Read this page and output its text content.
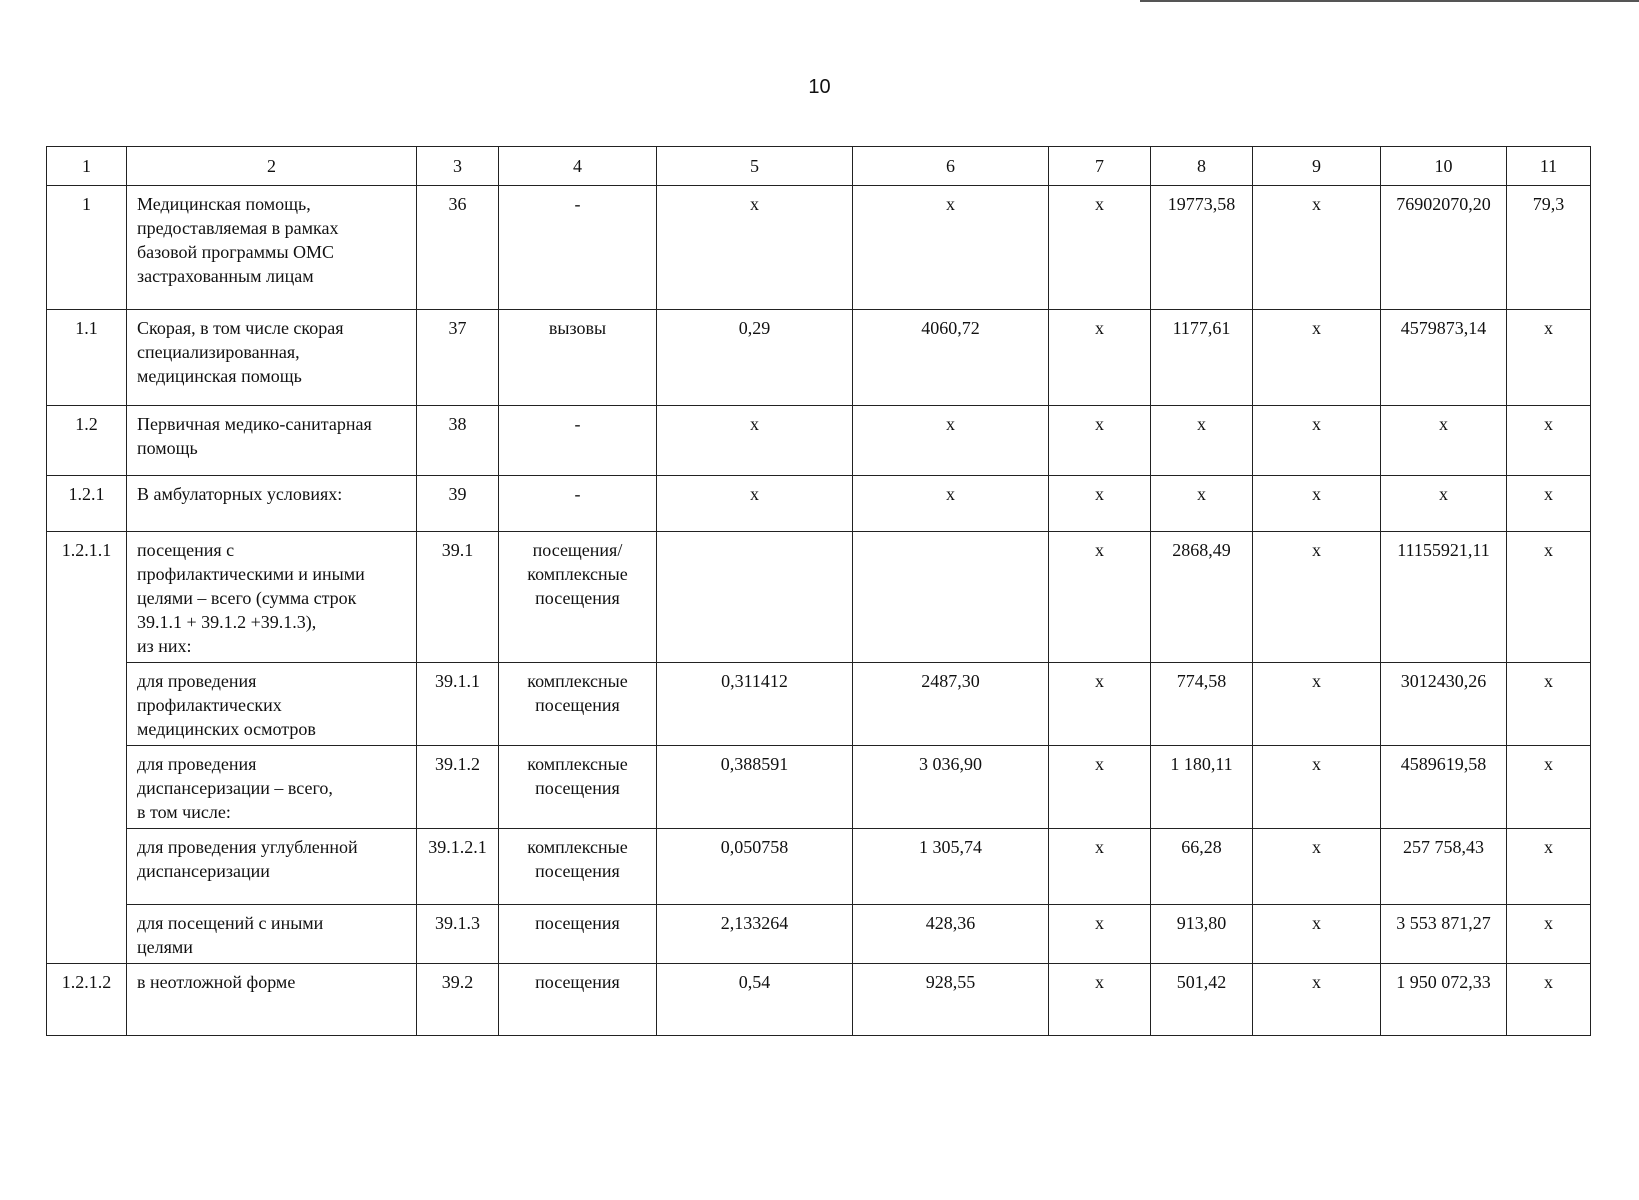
10
1	2	3	4	5	6	7	8	9	10	11
1	Медицинская помощь,
предоставляемая в рамках
базовой программы ОМС
застрахованным лицам	36	-	x	x	x	19773,58	x	76902070,20	79,3
1.1	Скорая, в том числе скорая
специализированная,
медицинская помощь	37	вызовы	0,29	4060,72	x	1177,61	x	4579873,14	x
1.2	Первичная медико-санитарная
помощь	38	-	x	x	x	x	x	x	x
1.2.1	В амбулаторных условиях:	39	-	x	x	x	x	x	x	x
1.2.1.1	посещения с
профилактическими и иными
целями – всего (сумма строк
39.1.1 + 39.1.2 +39.1.3),
из них:	39.1	посещения/
комплексные
посещения			x	2868,49	x	11155921,11	x

	для проведения
профилактических
медицинских осмотров	39.1.1	комплексные
посещения	0,311412	2487,30	x	774,58	x	3012430,26	x

	для проведения
диспансеризации – всего,
в том числе:	39.1.2	комплексные
посещения	0,388591	3 036,90	x	1 180,11	x	4589619,58	x

	для проведения углубленной
диспансеризации	39.1.2.1	комплексные
посещения	0,050758	1 305,74	x	66,28	x	257 758,43	x

	для посещений с иными
целями	39.1.3	посещения	2,133264	428,36	x	913,80	x	3 553 871,27	x
1.2.1.2	в неотложной форме	39.2	посещения	0,54	928,55	x	501,42	x	1 950 072,33	x
